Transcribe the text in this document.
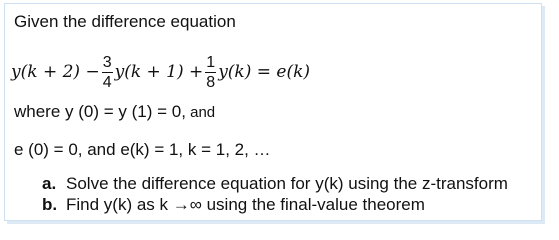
Given the difference equation
$y(k + 2) - \frac{3}{4} y(k + 1) + \frac{1}{8} y(k) = e(k)$
where y (0) = y (1) = 0, and
e (0) = 0, and e(k) = 1, k = 1, 2, …
a. Solve the difference equation for y(k) using the z-transform
b. Find y(k) as k →∞ using the final-value theorem
